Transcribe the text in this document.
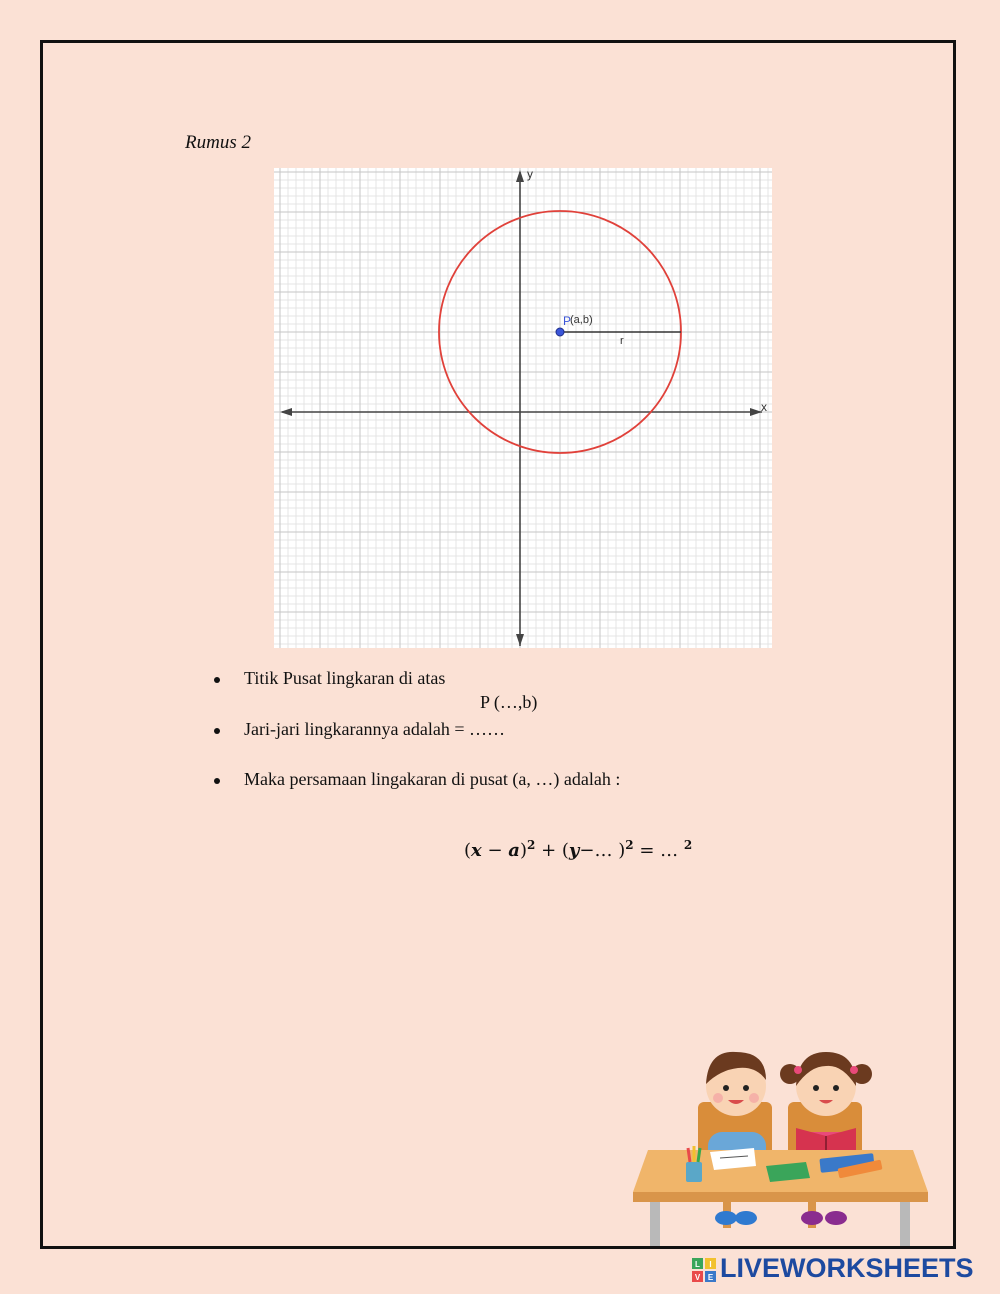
Rumus 2
x
y
P
(a,b)
r
Titik Pusat lingkaran di atas
P (…,b)
Jari-jari lingkarannya adalah = ……
Maka persamaan lingakaran di pusat (a, …) adalah :
(𝒙 − 𝒂)$^2$ + (𝒚−… )$^2$ = … $^2$
L I
V E LIVEWORKSHEETS
